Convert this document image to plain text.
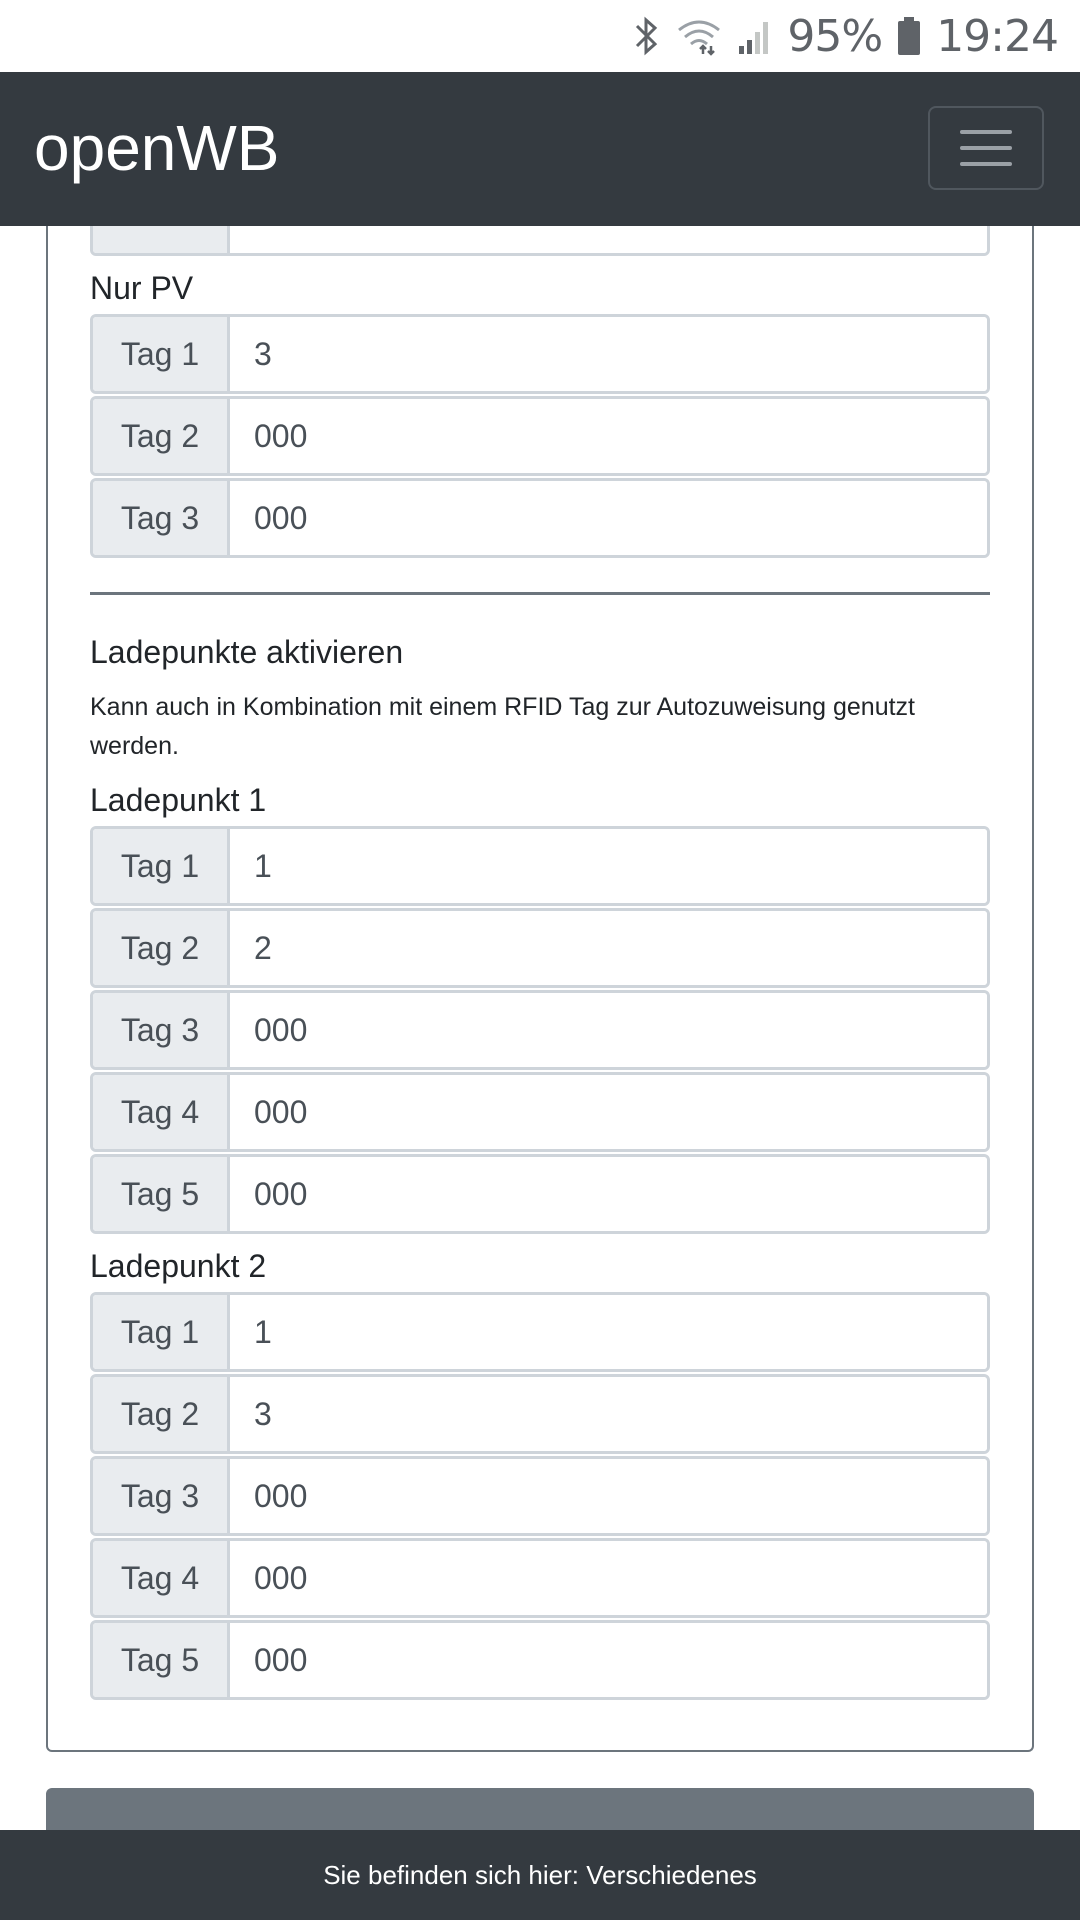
95% 19:24
openWB
Nur PV
Tag 1
3
Tag 2
000
Tag 3
000
Ladepunkte aktivieren
Kann auch in Kombination mit einem RFID Tag zur Autozuweisung genutzt werden.
Ladepunkt 1
Tag 1
1
Tag 2
2
Tag 3
000
Tag 4
000
Tag 5
000
Ladepunkt 2
Tag 1
1
Tag 2
3
Tag 3
000
Tag 4
000
Tag 5
000
Sie befinden sich hier: Verschiedenes
